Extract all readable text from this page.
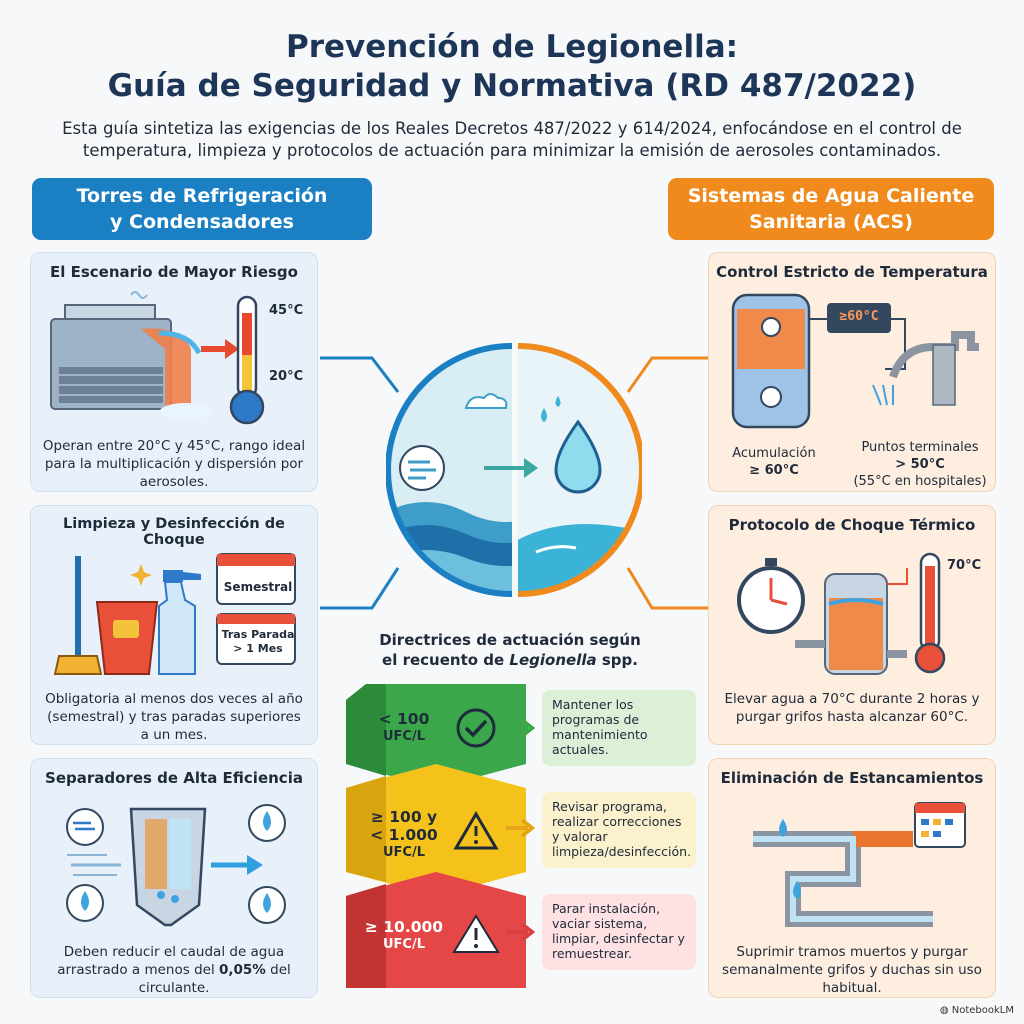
Prevención de Legionella:
Guía de Seguridad y Normativa (RD 487/2022)
Esta guía sintetiza las exigencias de los Reales Decretos 487/2022 y 614/2024, enfocándose en el control de temperatura, limpieza y protocolos de actuación para minimizar la emisión de aerosoles contaminados.
Torres de Refrigeración
y Condensadores
Sistemas de Agua Caliente
Sanitaria (ACS)
El Escenario de Mayor Riesgo
45°C
20°C
Operan entre 20°C y 45°C, rango ideal para la multiplicación y dispersión por aerosoles.
Limpieza y Desinfección de Choque
Semestral
Tras Parada > 1 Mes
Obligatoria al menos dos veces al año (semestral) y tras paradas superiores a un mes.
Separadores de Alta Eficiencia
Deben reducir el caudal de agua arrastrado a menos del 0,05% del circulante.
Control Estricto de Temperatura
≥60°C
Acumulación
≥ 60°C
Puntos terminales
> 50°C
(55°C en hospitales)
Protocolo de Choque Térmico
70°C
Elevar agua a 70°C durante 2 horas y purgar grifos hasta alcanzar 60°C.
Eliminación de Estancamientos
Suprimir tramos muertos y purgar semanalmente grifos y duchas sin uso habitual.
Directrices de actuación según
el recuento de Legionella spp.
< 100
UFC/L
≥ 100 y
< 1.000
UFC/L
≥ 10.000
UFC/L
Mantener los programas de mantenimiento actuales.
Revisar programa, realizar correcciones y valorar limpieza/desinfección.
Parar instalación, vaciar sistema, limpiar, desinfectar y remuestrear.
◍ NotebookLM
